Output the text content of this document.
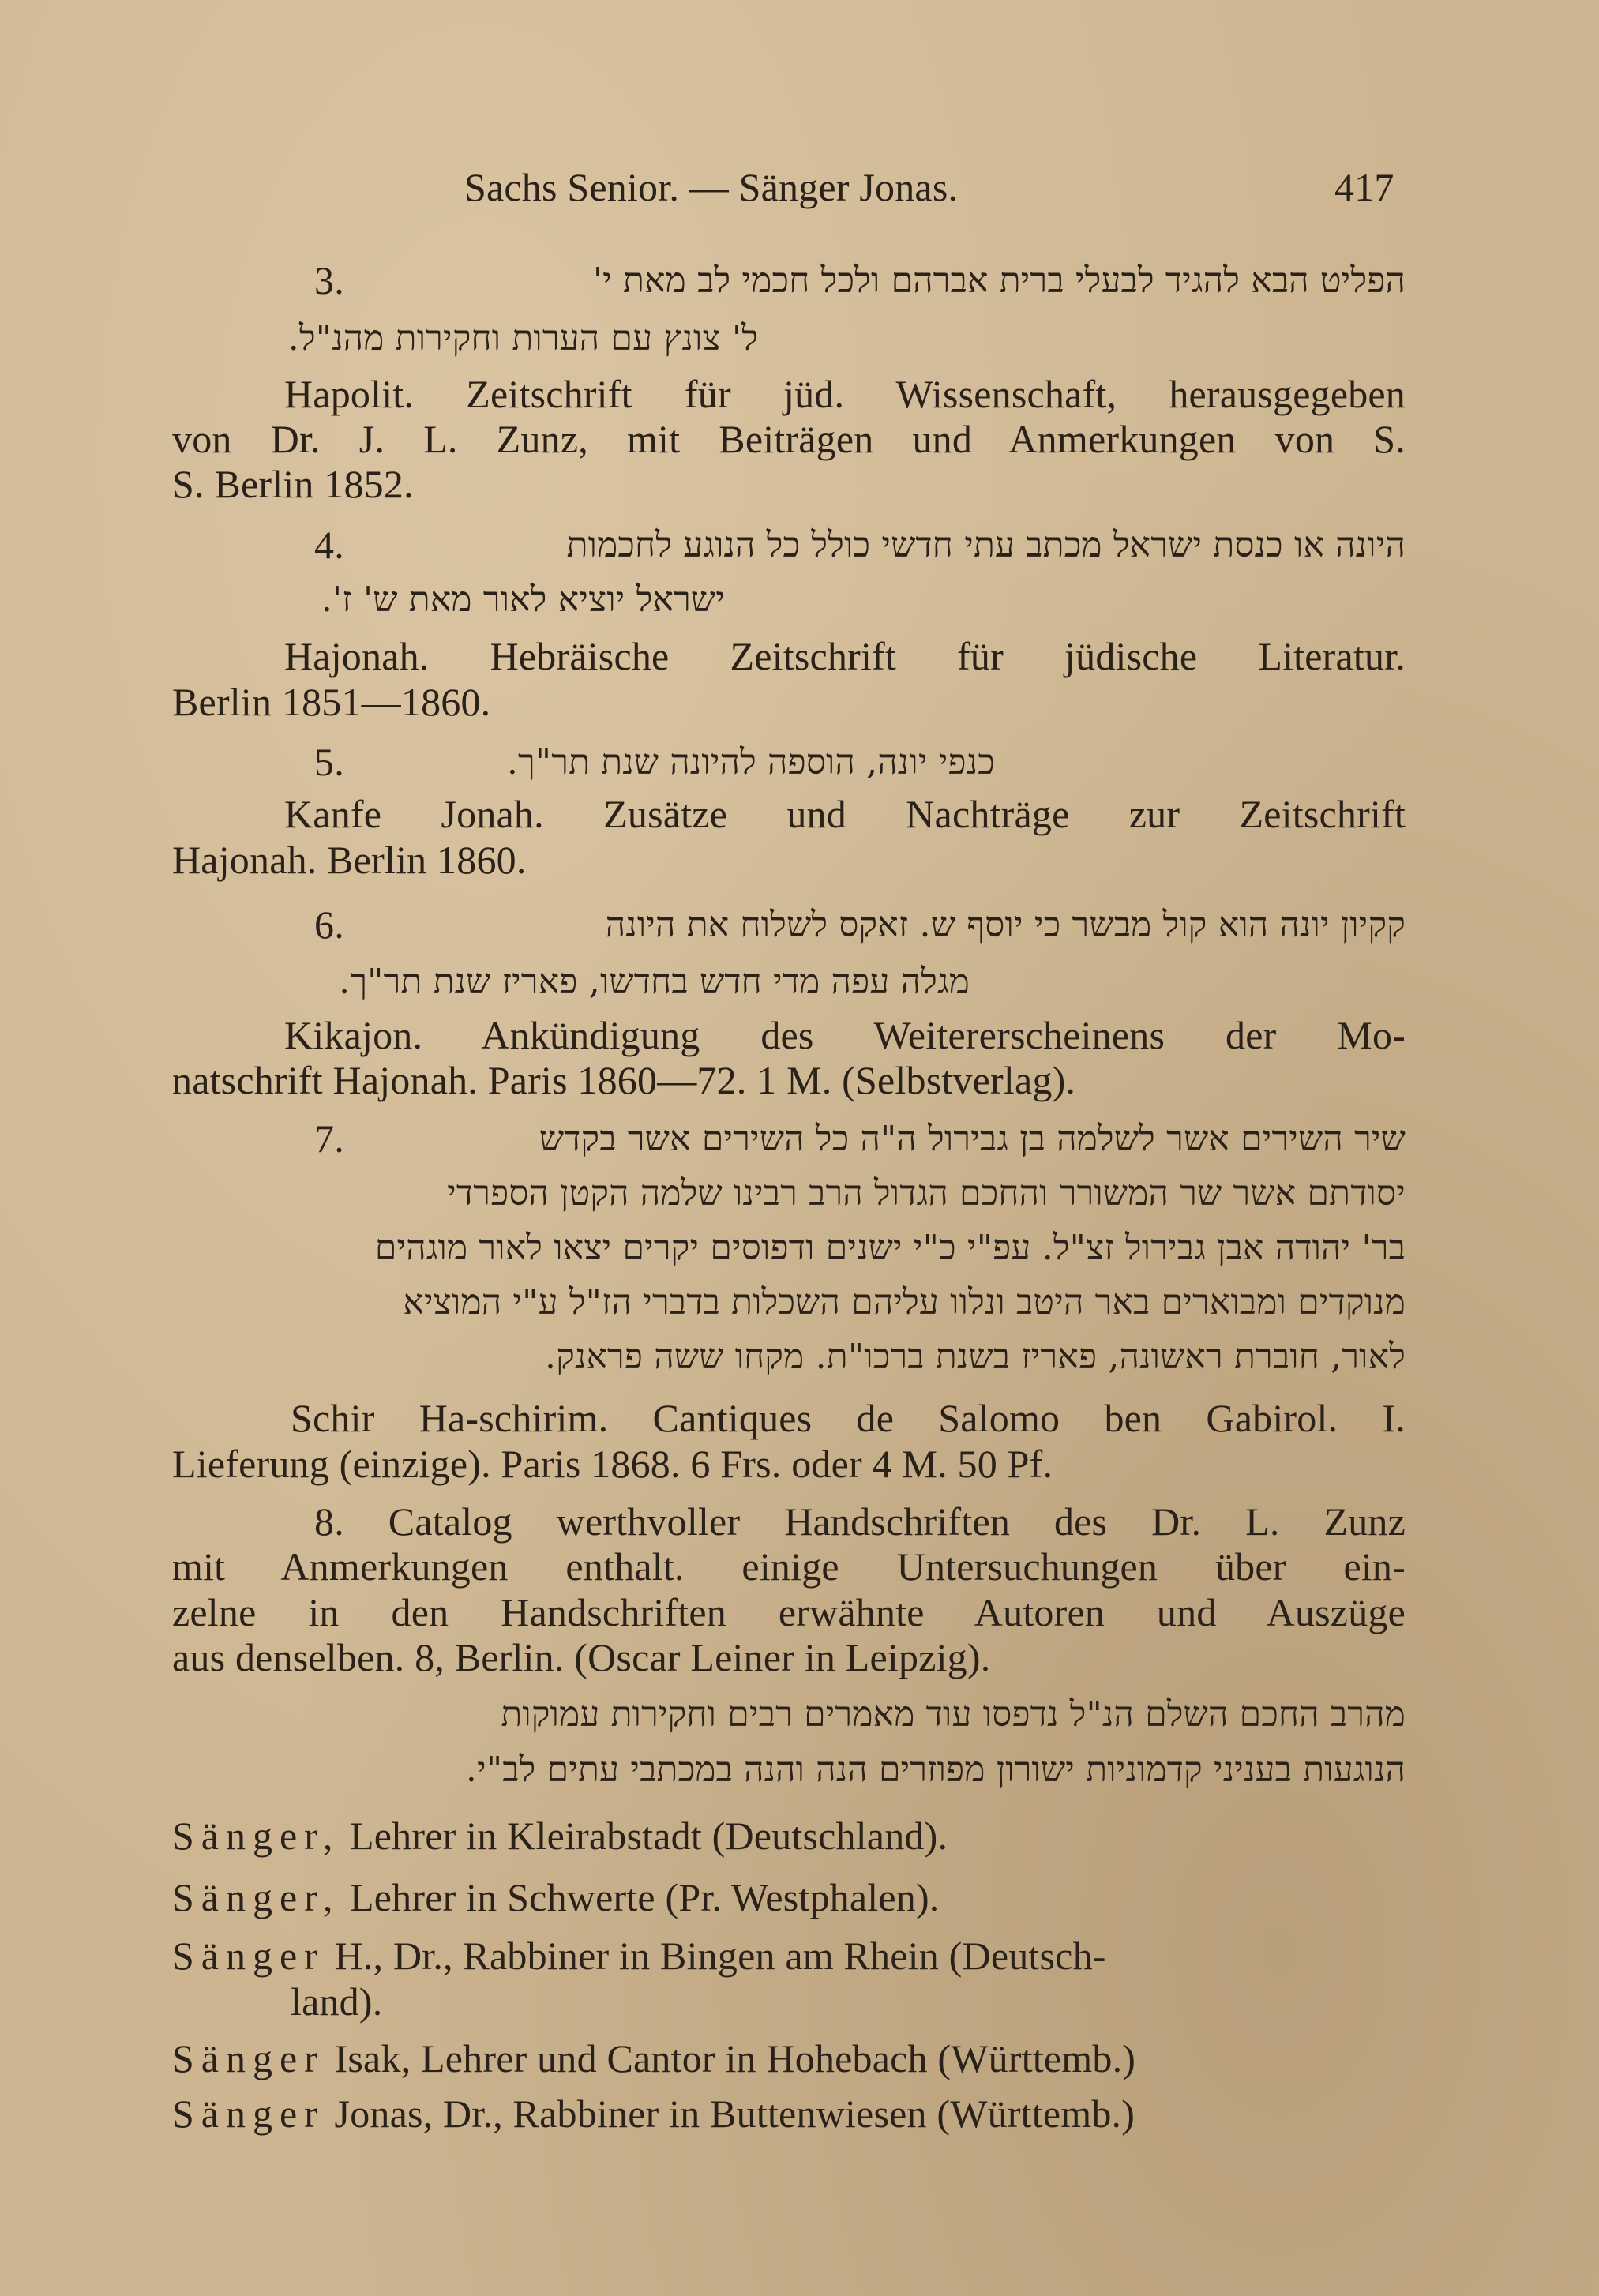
Sachs Senior. — Sänger Jonas.	417
3.	הפליט הבא להגיד לבעלי ברית אברהם ולכל חכמי לב מאת י'
ל' צונץ עם הערות וחקירות מהנ"ל.
Hapolit. Zeitschrift für jüd. Wissenschaft, herausgegeben
von Dr. J. L. Zunz, mit Beiträgen und Anmerkungen von S.
S. Berlin 1852.
4.	היונה או כנסת ישראל מכתב עתי חדשי כולל כל הנוגע לחכמות
ישראל יוציא לאור מאת ש' ז'.
Hajonah. Hebräische Zeitschrift für jüdische Literatur.
Berlin 1851—1860.
5.	כנפי יונה, הוספה להיונה שנת תר"ך.
Kanfe Jonah. Zusätze und Nachträge zur Zeitschrift
Hajonah. Berlin 1860.
6.	קקיון יונה הוא קול מבשר כי יוסף ש. זאקס לשלוח את היונה
מגלה עפה מדי חדש בחדשו, פאריז שנת תר"ך.
Kikajon. Ankündigung des Weitererscheinens der Mo-
natschrift Hajonah. Paris 1860—72. 1 M. (Selbstverlag).
7.	שיר השירים אשר לשלמה בן גבירול ה"ה כל השירים אשר בקדש
יסודתם אשר שר המשורר והחכם הגדול הרב רבינו שלמה הקטן הספרדי
בר' יהודה אבן גבירול זצ"ל. עפ"י כ"י ישנים ודפוסים יקרים יצאו לאור מוגהים
מנוקדים ומבוארים באר היטב ונלוו עליהם השכלות בדברי הז"ל ע"י המוציא
לאור, חוברת ראשונה, פאריז בשנת ברכו"ת. מקחו ששה פראנק.
Schir Ha-schirim. Cantiques de Salomo ben Gabirol. I.
Lieferung (einzige). Paris 1868. 6 Frs. oder 4 M. 50 Pf.
8. Catalog werthvoller Handschriften des Dr. L. Zunz
mit Anmerkungen enthalt. einige Untersuchungen über ein-
zelne in den Handschriften erwähnte Autoren und Auszüge
aus denselben. 8, Berlin. (Oscar Leiner in Leipzig).
מהרב החכם השלם הנ"ל נדפסו עוד מאמרים רבים וחקירות עמוקות
הנוגעות בעניני קדמוניות ישורון מפוזרים הנה והנה במכתבי עתים לב"י.
Sänger, Lehrer in Kleirabstadt (Deutschland).
Sänger, Lehrer in Schwerte (Pr. Westphalen).
Sänger H., Dr., Rabbiner in Bingen am Rhein (Deutsch-
land).
Sänger Isak, Lehrer und Cantor in Hohebach (Württemb.)
Sänger Jonas, Dr., Rabbiner in Buttenwiesen (Württemb.)
